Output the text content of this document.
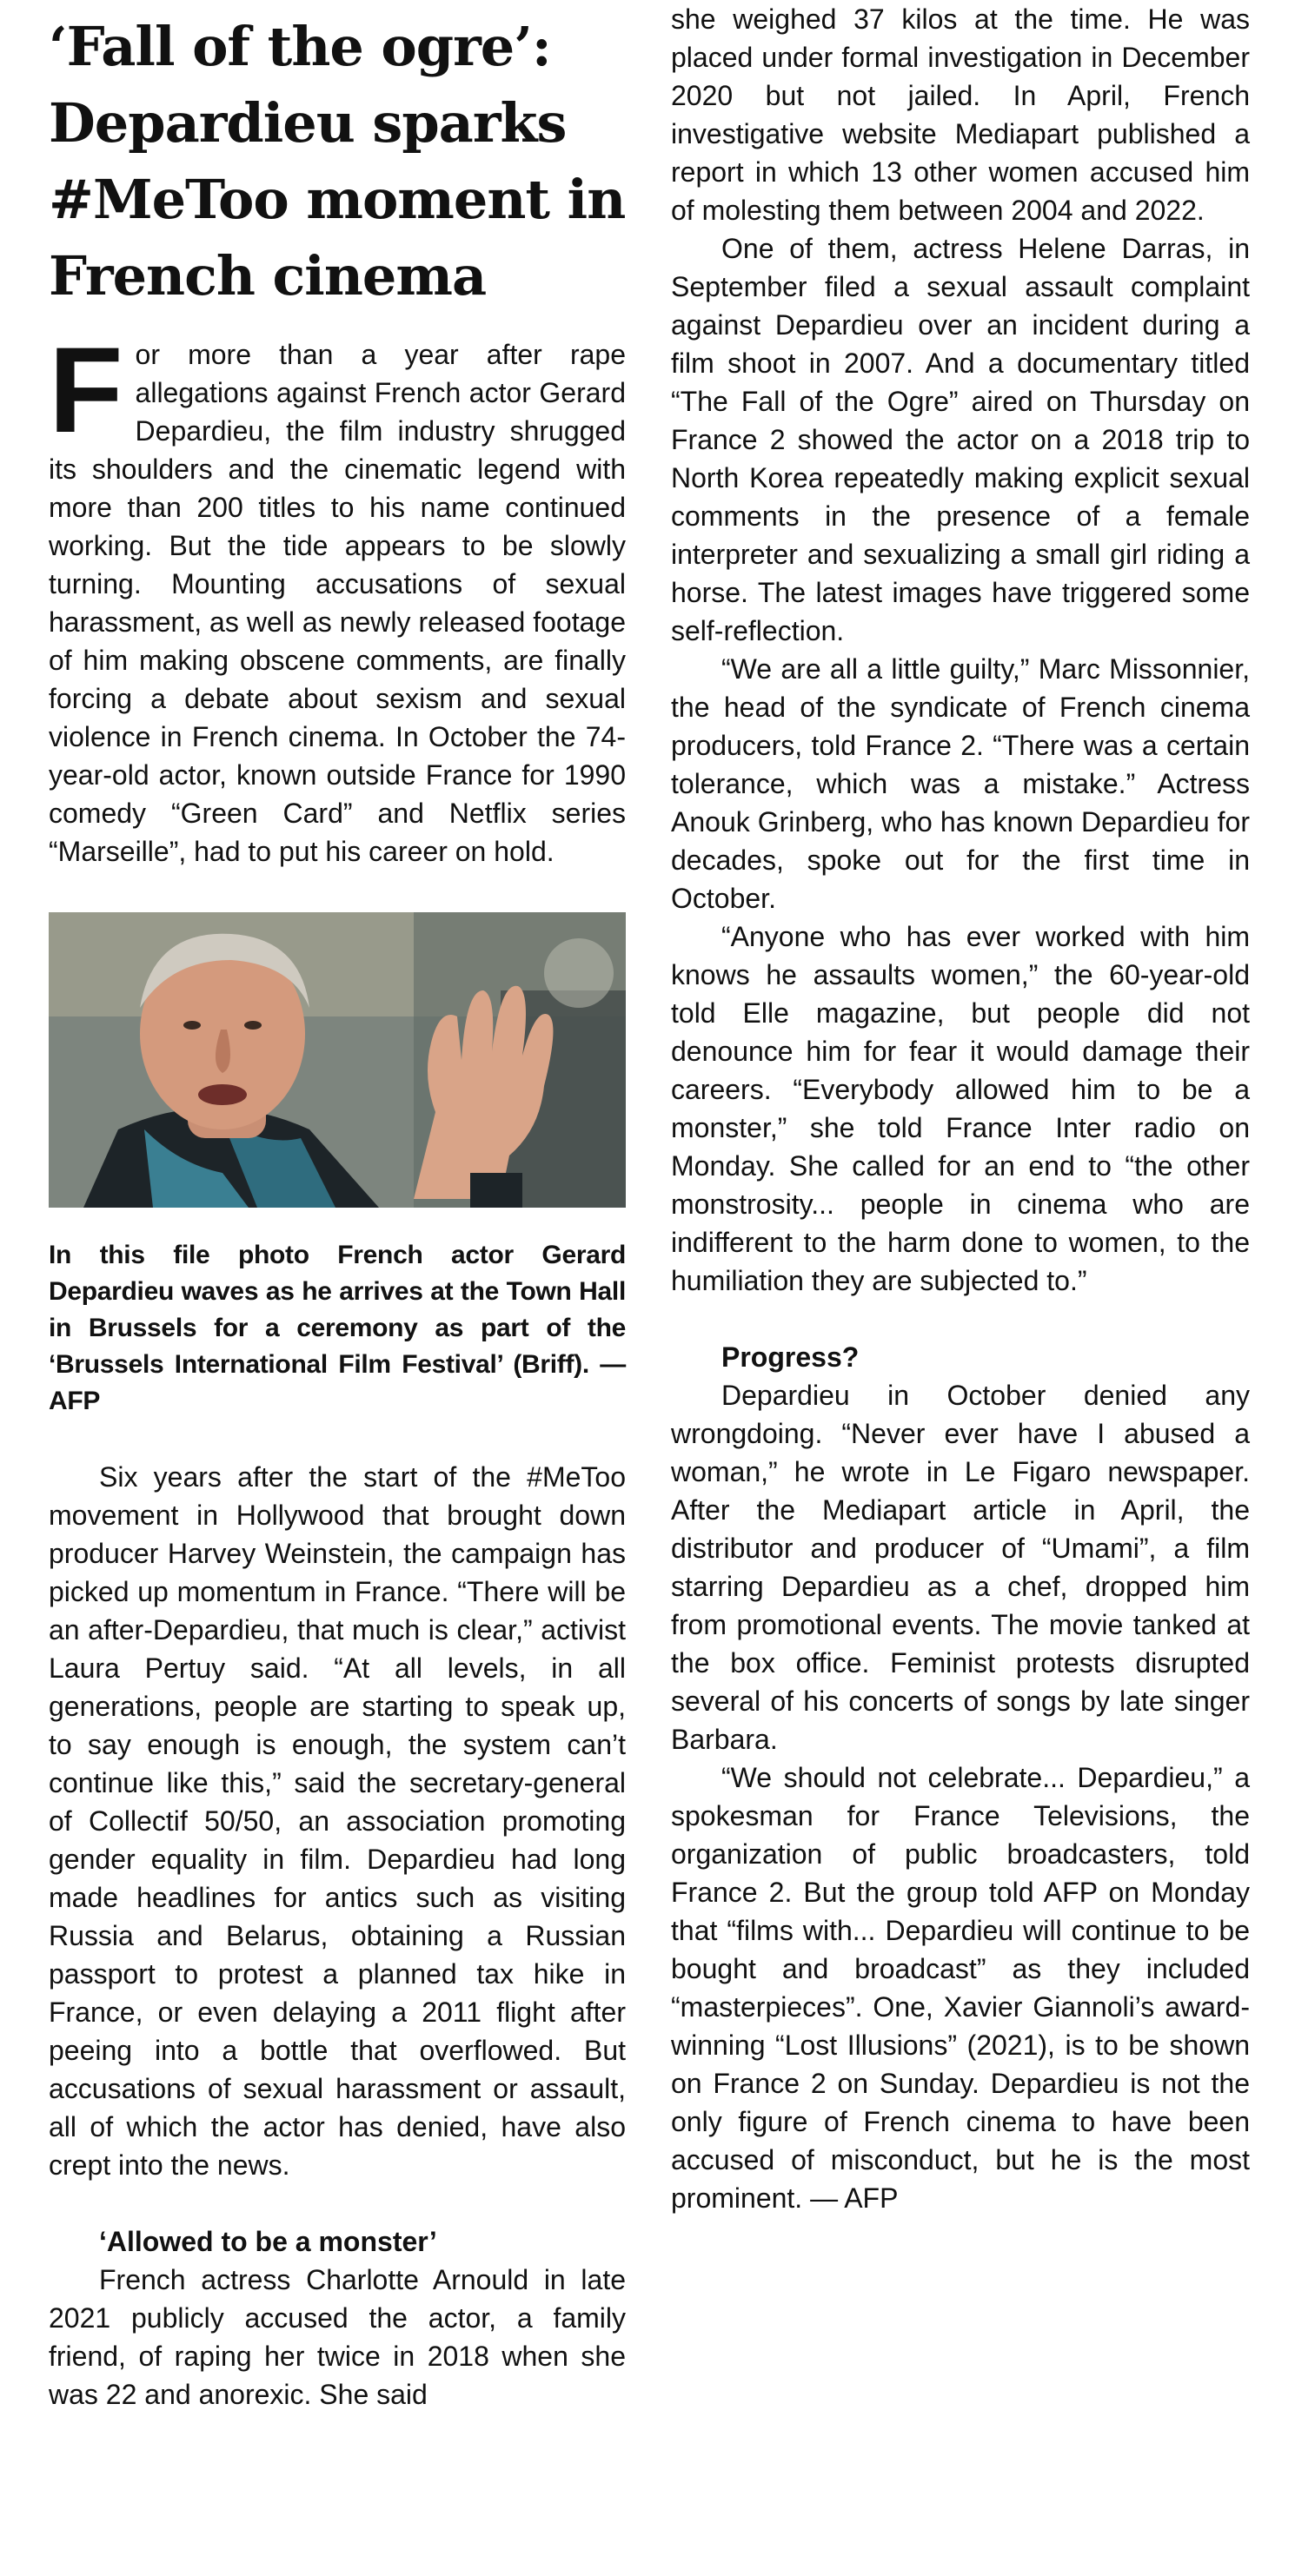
‘Fall of the ogre’: Depardieu sparks #MeToo moment in French cinema
F or more than a year after rape allegations against French actor Gerard Depardieu, the film industry shrugged its shoulders and the cinematic legend with more than 200 titles to his name continued working. But the tide appears to be slowly turning. Mounting accusations of sexual harassment, as well as newly released footage of him making obscene comments, are finally forcing a debate about sexism and sexual violence in French cinema. In October the 74-year-old actor, known outside France for 1990 comedy “Green Card” and Netflix series “Marseille”, had to put his career on hold.

In this file photo French actor Gerard Depardieu waves as he arrives at the Town Hall in Brussels for a ceremony as part of the ‘Brussels International Film Festival’ (Briff). — AFP

Six years after the start of the #MeToo movement in Hollywood that brought down producer Harvey Weinstein, the campaign has picked up momentum in France. “There will be an after-Depardieu, that much is clear,” activist Laura Pertuy said. “At all levels, in all generations, people are starting to speak up, to say enough is enough, the system can’t continue like this,” said the secretary-general of Collectif 50/50, an association promoting gender equality in film. Depardieu had long made headlines for antics such as visiting Russia and Belarus, obtaining a Russian passport to protest a planned tax hike in France, or even delaying a 2011 flight after peeing into a bottle that overflowed. But accusations of sexual harassment or assault, all of which the actor has denied, have also crept into the news.

‘Allowed to be a monster’

French actress Charlotte Arnould in late 2021 publicly accused the actor, a family friend, of raping her twice in 2018 when she was 22 and anorexic. She said

she weighed 37 kilos at the time. He was placed under formal investigation in December 2020 but not jailed. In April, French investigative website Mediapart published a report in which 13 other women accused him of molesting them between 2004 and 2022.

One of them, actress Helene Darras, in September filed a sexual assault complaint against Depardieu over an incident during a film shoot in 2007. And a documentary titled “The Fall of the Ogre” aired on Thursday on France 2 showed the actor on a 2018 trip to North Korea repeatedly making explicit sexual comments in the presence of a female interpreter and sexualizing a small girl riding a horse. The latest images have triggered some self-reflection.

“We are all a little guilty,” Marc Missonnier, the head of the syndicate of French cinema producers, told France 2. “There was a certain tolerance, which was a mistake.” Actress Anouk Grinberg, who has known Depardieu for decades, spoke out for the first time in October.

“Anyone who has ever worked with him knows he assaults women,” the 60-year-old told Elle magazine, but people did not denounce him for fear it would damage their careers. “Everybody allowed him to be a monster,” she told France Inter radio on Monday. She called for an end to “the other monstrosity... people in cinema who are indifferent to the harm done to women, to the humiliation they are subjected to.”

Progress?

Depardieu in October denied any wrongdoing. “Never ever have I abused a woman,” he wrote in Le Figaro newspaper. After the Mediapart article in April, the distributor and producer of “Umami”, a film starring Depardieu as a chef, dropped him from promotional events. The movie tanked at the box office. Feminist protests disrupted several of his concerts of songs by late singer Barbara.

“We should not celebrate... Depardieu,” a spokesman for France Televisions, the organization of public broadcasters, told France 2. But the group told AFP on Monday that “films with... Depardieu will continue to be bought and broadcast” as they included “masterpieces”. One, Xavier Giannoli’s award-winning “Lost Illusions” (2021), is to be shown on France 2 on Sunday. Depardieu is not the only figure of French cinema to have been accused of misconduct, but he is the most prominent. — AFP
